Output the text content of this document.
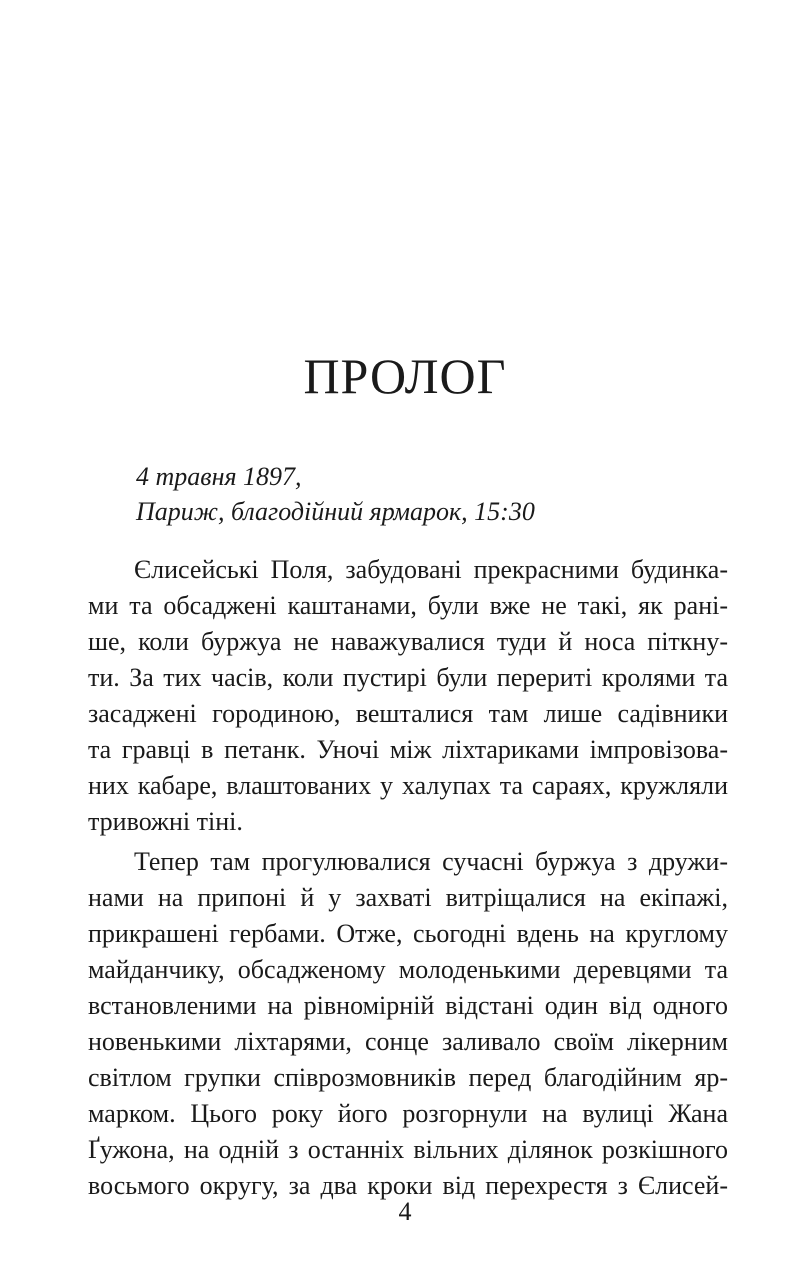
ПРОЛОГ
4 травня 1897,
Париж, благодійний ярмарок, 15:30
Єлисейські Поля, забудовані прекрасними будинка-
ми та обсаджені каштанами, були вже не такі, як рані-
ше, коли буржуа не наважувалися туди й носа піткну-
ти. За тих часів, коли пустирі були перериті кролями та
засаджені городиною, вешталися там лише садівники
та гравці в петанк. Уночі між ліхтариками імпровізова-
них кабаре, влаштованих у халупах та сараях, кружляли
тривожні тіні.
Тепер там прогулювалися сучасні буржуа з дружи-
нами на припоні й у захваті витріщалися на екіпажі,
прикрашені гербами. Отже, сьогодні вдень на круглому
майданчику, обсадженому молоденькими деревцями та
встановленими на рівномірній відстані один від одного
новенькими ліхтарями, сонце заливало своїм лікерним
світлом групки співрозмовників перед благодійним яр-
марком. Цього року його розгорнули на вулиці Жана
Ґужона, на одній з останніх вільних ділянок розкішного
восьмого округу, за два кроки від перехрестя з Єлисей-
4
